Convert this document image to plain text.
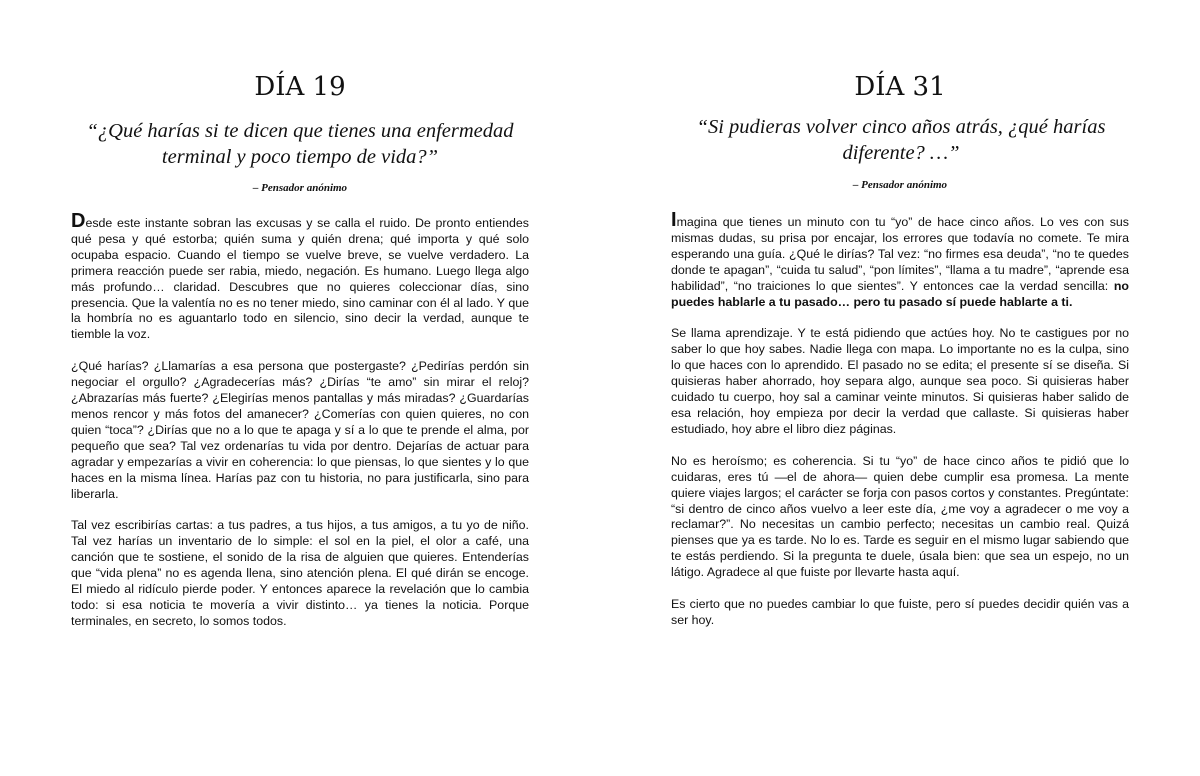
DÍA 19

“¿Qué harías si te dicen que tienes una enfermedad terminal y poco tiempo de vida?”

– Pensador anónimo

Desde este instante sobran las excusas y se calla el ruido. De pronto entiendes qué pesa y qué estorba; quién suma y quién drena; qué importa y qué solo ocupaba espacio. Cuando el tiempo se vuelve breve, se vuelve verdadero. La primera reacción puede ser rabia, miedo, negación. Es humano. Luego llega algo más profundo… claridad. Descubres que no quieres coleccionar días, sino presencia. Que la valentía no es no tener miedo, sino caminar con él al lado. Y que la hombría no es aguantarlo todo en silencio, sino decir la verdad, aunque te tiemble la voz.

¿Qué harías? ¿Llamarías a esa persona que postergaste? ¿Pedirías perdón sin negociar el orgullo? ¿Agradecerías más? ¿Dirías “te amo” sin mirar el reloj? ¿Abrazarías más fuerte? ¿Elegirías menos pantallas y más miradas? ¿Guardarías menos rencor y más fotos del amanecer? ¿Comerías con quien quieres, no con quien “toca”? ¿Dirías que no a lo que te apaga y sí a lo que te prende el alma, por pequeño que sea? Tal vez ordenarías tu vida por dentro. Dejarías de actuar para agradar y empezarías a vivir en coherencia: lo que piensas, lo que sientes y lo que haces en la misma línea. Harías paz con tu historia, no para justificarla, sino para liberarla.

Tal vez escribirías cartas: a tus padres, a tus hijos, a tus amigos, a tu yo de niño. Tal vez harías un inventario de lo simple: el sol en la piel, el olor a café, una canción que te sostiene, el sonido de la risa de alguien que quieres. Entenderías que “vida plena” no es agenda llena, sino atención plena. El qué dirán se encoge. El miedo al ridículo pierde poder. Y entonces aparece la revelación que lo cambia todo: si esa noticia te movería a vivir distinto… ya tienes la noticia. Porque terminales, en secreto, lo somos todos.

DÍA 31

“Si pudieras volver cinco años atrás, ¿qué harías diferente? …”

– Pensador anónimo

Imagina que tienes un minuto con tu “yo” de hace cinco años. Lo ves con sus mismas dudas, su prisa por encajar, los errores que todavía no comete. Te mira esperando una guía. ¿Qué le dirías? Tal vez: “no firmes esa deuda”, “no te quedes donde te apagan”, “cuida tu salud”, “pon límites”, “llama a tu madre”, “aprende esa habilidad”, “no traiciones lo que sientes”. Y entonces cae la verdad sencilla: no puedes hablarle a tu pasado… pero tu pasado sí puede hablarte a ti.

Se llama aprendizaje. Y te está pidiendo que actúes hoy. No te castigues por no saber lo que hoy sabes. Nadie llega con mapa. Lo importante no es la culpa, sino lo que haces con lo aprendido. El pasado no se edita; el presente sí se diseña. Si quisieras haber ahorrado, hoy separa algo, aunque sea poco. Si quisieras haber cuidado tu cuerpo, hoy sal a caminar veinte minutos. Si quisieras haber salido de esa relación, hoy empieza por decir la verdad que callaste. Si quisieras haber estudiado, hoy abre el libro diez páginas.

No es heroísmo; es coherencia. Si tu “yo” de hace cinco años te pidió que lo cuidaras, eres tú —el de ahora— quien debe cumplir esa promesa. La mente quiere viajes largos; el carácter se forja con pasos cortos y constantes. Pregúntate: “si dentro de cinco años vuelvo a leer este día, ¿me voy a agradecer o me voy a reclamar?”. No necesitas un cambio perfecto; necesitas un cambio real. Quizá pienses que ya es tarde. No lo es. Tarde es seguir en el mismo lugar sabiendo que te estás perdiendo. Si la pregunta te duele, úsala bien: que sea un espejo, no un látigo. Agradece al que fuiste por llevarte hasta aquí.

Es cierto que no puedes cambiar lo que fuiste, pero sí puedes decidir quién vas a ser hoy.
